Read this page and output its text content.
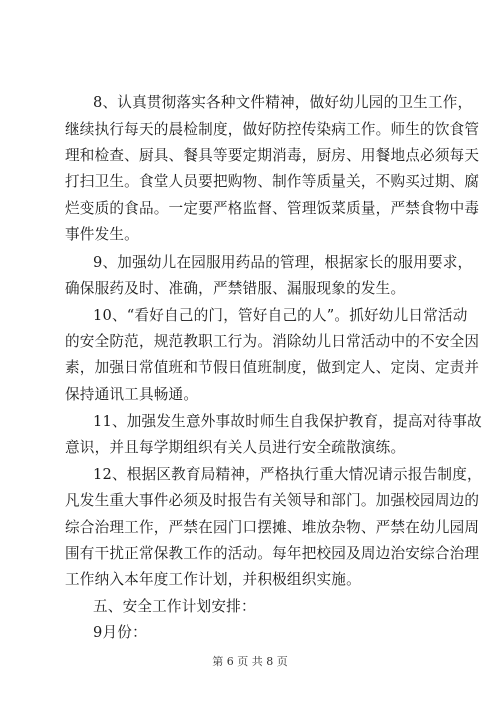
8、认真贯彻落实各种文件精神，做好幼儿园的卫生工作，
继续执行每天的晨检制度，做好防控传染病工作。师生的饮食管
理和检查、厨具、餐具等要定期消毒，厨房、用餐地点必须每天
打扫卫生。食堂人员要把购物、制作等质量关，不购买过期、腐
烂变质的食品。一定要严格监督、管理饭菜质量，严禁食物中毒
事件发生。
9、加强幼儿在园服用药品的管理，根据家长的服用要求，
确保服药及时、准确，严禁错服、漏服现象的发生。
10、“看好自己的门，管好自己的人”。抓好幼儿日常活动
的安全防范，规范教职工行为。消除幼儿日常活动中的不安全因
素，加强日常值班和节假日值班制度，做到定人、定岗、定责并
保持通讯工具畅通。
11、加强发生意外事故时师生自我保护教育，提高对待事故
意识，并且每学期组织有关人员进行安全疏散演练。
12、根据区教育局精神，严格执行重大情况请示报告制度，
凡发生重大事件必须及时报告有关领导和部门。加强校园周边的
综合治理工作，严禁在园门口摆摊、堆放杂物、严禁在幼儿园周
围有干扰正常保教工作的活动。每年把校园及周边治安综合治理
工作纳入本年度工作计划，并积极组织实施。
五、安全工作计划安排：
9月份：
第 6 页 共 8 页
